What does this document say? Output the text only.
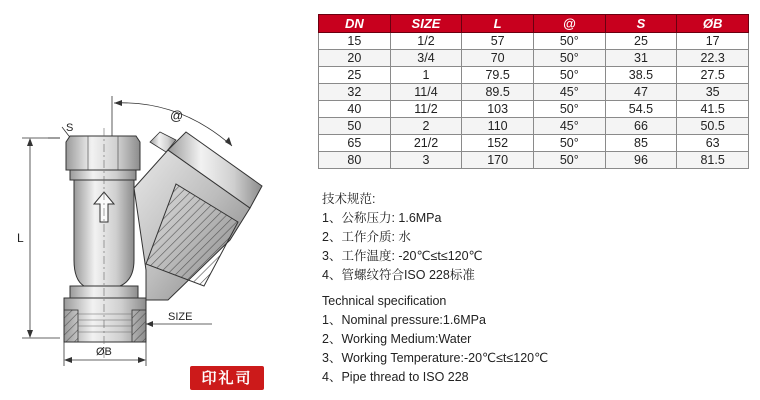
L
S
@
SIZE
ØB
DN	SIZE	L	@	S	ØB
15	1/2	57	50°	25	17
20	3/4	70	50°	31	22.3
25	1	79.5	50°	38.5	27.5
32	11/4	89.5	45°	47	35
40	11/2	103	50°	54.5	41.5
50	2	110	45°	66	50.5
65	21/2	152	50°	85	63
80	3	170	50°	96	81.5
技术规范:
1、公称压力: 1.6MPa
2、工作介质: 水
3、工作温度: -20℃≤t≤120℃
4、管螺纹符合ISO 228标准
Technical specification
1、Nominal pressure:1.6MPa
2、Working Medium:Water
3、Working Temperature:-20℃≤t≤120℃
4、Pipe thread to ISO 228
印礼司
